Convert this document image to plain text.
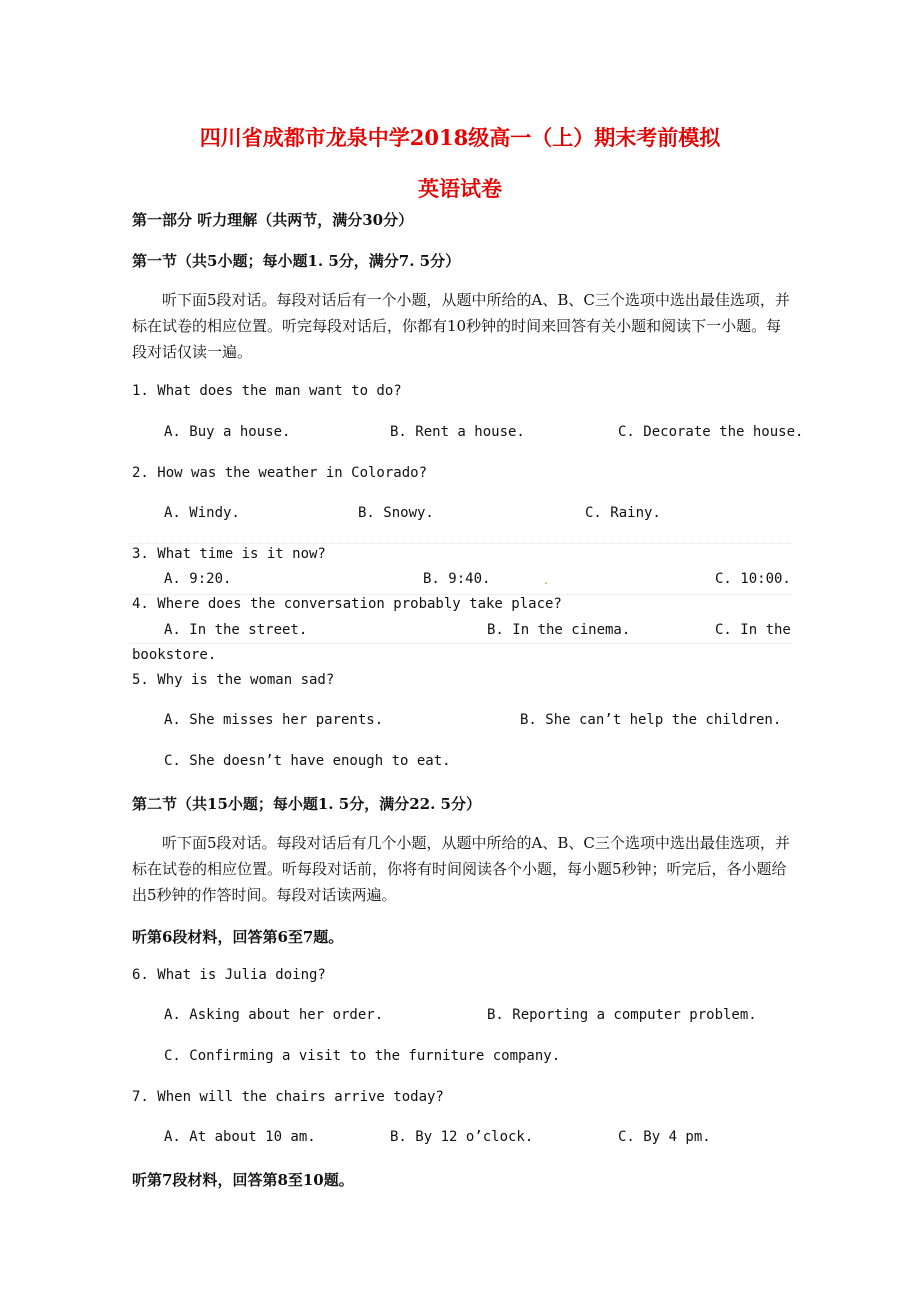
四川省成都市龙泉中学2018级高一（上）期末考前模拟
英语试卷
第一部分 听力理解（共两节，满分30分）
第一节（共5小题；每小题1. 5分，满分7. 5分）
听下面5段对话。每段对话后有一个小题，从题中所给的A、B、C三个选项中选出最佳选项，并标在试卷的相应位置。听完每段对话后，你都有10秒钟的时间来回答有关小题和阅读下一小题。每段对话仅读一遍。
1. What does the man want to do?
A. Buy a house.	B. Rent a house.	C. Decorate the house.
2. How was the weather in Colorado?
A. Windy.	B. Snowy.	C. Rainy.
3. What time is it now?
A. 9:20.	B. 9:40.	.	C. 10:00.
4. Where does the conversation probably take place?
A. In the street.	B. In the cinema.	C. In the
bookstore.
5. Why is the woman sad?
A. She misses her parents.	B. She can’t help the children.
C. She doesn’t have enough to eat.
第二节（共15小题；每小题1. 5分，满分22. 5分）
听下面5段对话。每段对话后有几个小题，从题中所给的A、B、C三个选项中选出最佳选项，并标在试卷的相应位置。听每段对话前，你将有时间阅读各个小题，每小题5秒钟；听完后，各小题给出5秒钟的作答时间。每段对话读两遍。
听第6段材料，回答第6至7题。
6. What is Julia doing?
A. Asking about her order.	B. Reporting a computer problem.
C. Confirming a visit to the furniture company.
7. When will the chairs arrive today?
A. At about 10 am.	B. By 12 o’clock.	C. By 4 pm.
听第7段材料，回答第8至10题。
